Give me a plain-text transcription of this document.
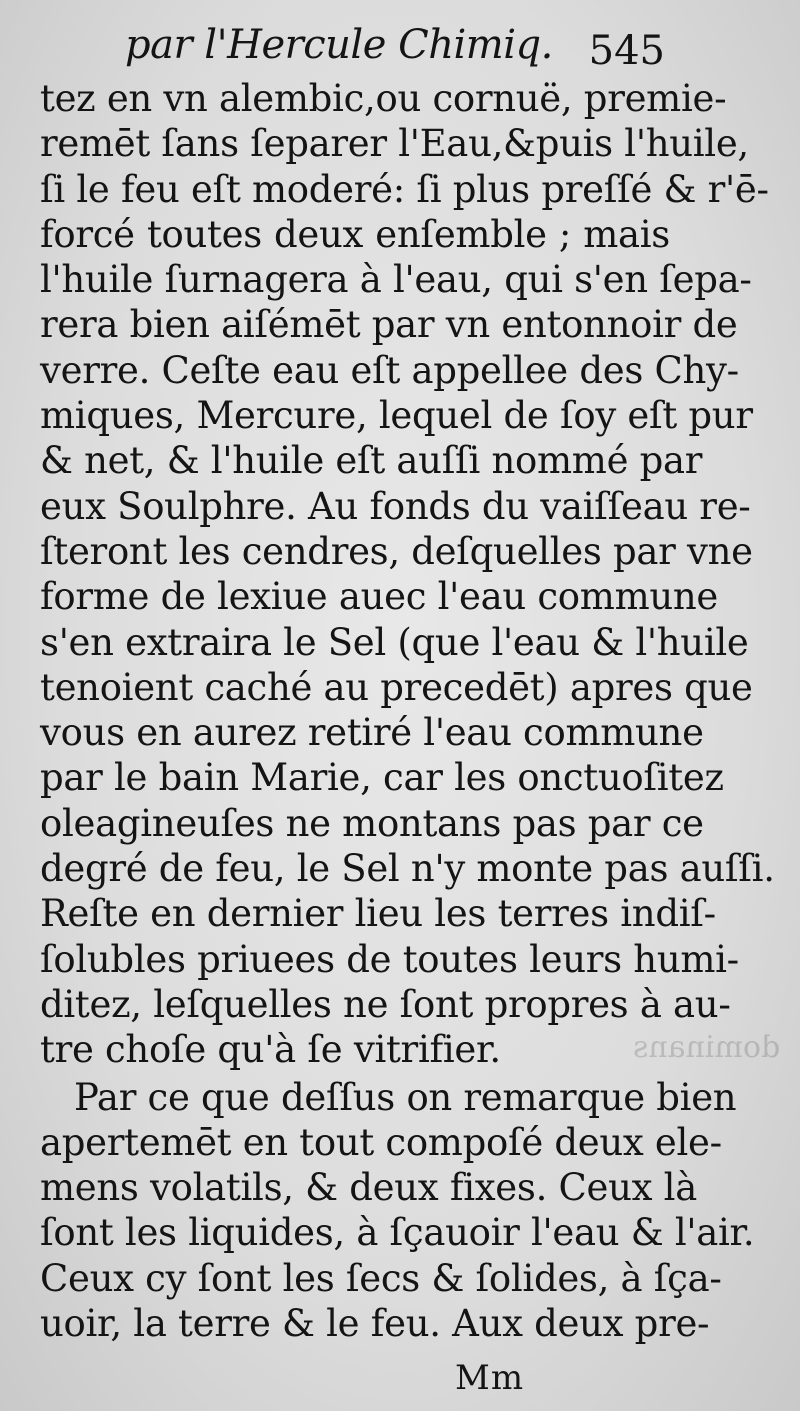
par l'Hercule Chimiq. 545
tez en vn alembic,ou cornuë, premie-
remēt ſans ſeparer l'Eau,&puis l'huile,
ſi le feu eſt moderé: ſi plus preſſé & r'ē-
forcé toutes deux enſemble ; mais
l'huile ſurnagera à l'eau, qui s'en ſepa-
rera bien aiſémēt par vn entonnoir de
verre. Ceſte eau eſt appellee des Chy-
miques, Mercure, lequel de ſoy eſt pur
& net, & l'huile eſt auſſi nommé par
eux Soulphre. Au fonds du vaiſſeau re-
ſteront les cendres, deſquelles par vne
forme de lexiue auec l'eau commune
s'en extraira le Sel (que l'eau & l'huile
tenoient caché au precedēt) apres que
vous en aurez retiré l'eau commune
par le bain Marie, car les onctuoſitez
oleagineuſes ne montans pas par ce
degré de feu, le Sel n'y monte pas auſſi.
Reſte en dernier lieu les terres indiſ-
ſolubles priuees de toutes leurs humi-
ditez, leſquelles ne ſont propres à au-
tre choſe qu'à ſe vitrifier.
Par ce que deſſus on remarque bien
apertemēt en tout compoſé deux ele-
mens volatils, & deux fixes. Ceux là
ſont les liquides, à ſçauoir l'eau & l'air.
Ceux cy ſont les ſecs & ſolides, à ſça-
uoir, la terre & le feu. Aux deux pre-
dominans
Mm
